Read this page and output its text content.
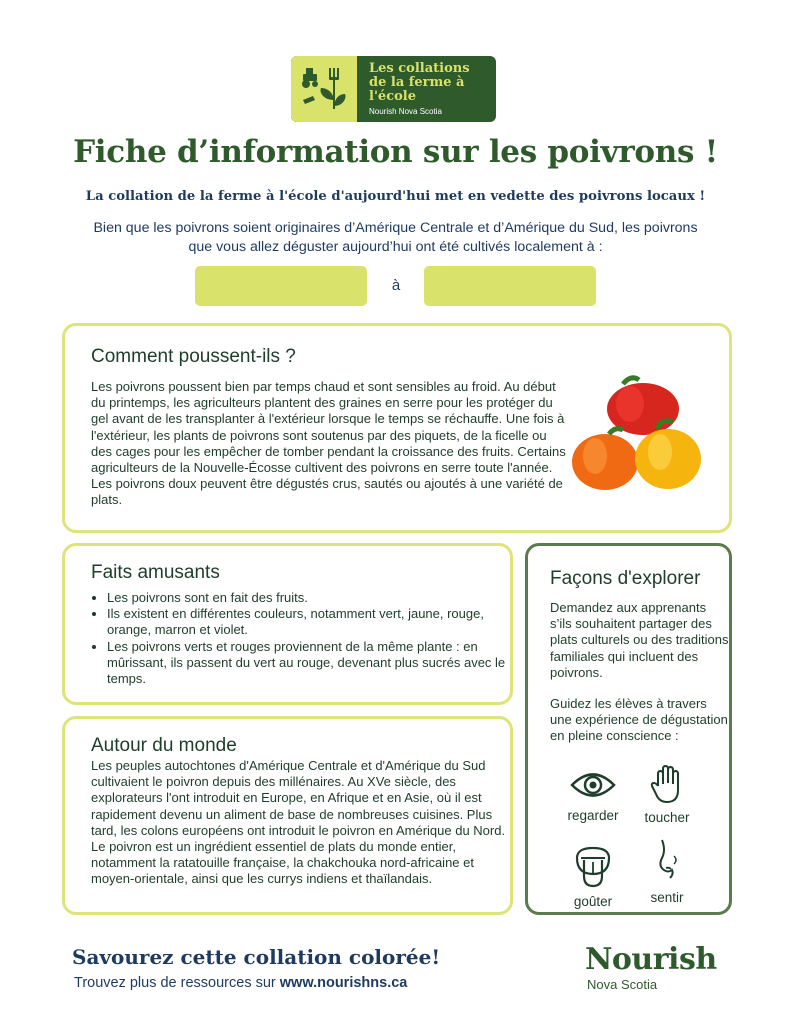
Les collations de la ferme à l'école
Nourish Nova Scotia
Fiche d’information sur les poivrons !
La collation de la ferme à l'école d'aujourd'hui met en vedette des poivrons locaux !
Bien que les poivrons soient originaires d’Amérique Centrale et d’Amérique du Sud, les poivrons que vous allez déguster aujourd’hui ont été cultivés localement à :
à
Comment poussent-ils ?

Les poivrons poussent bien par temps chaud et sont sensibles au froid. Au début du printemps, les agriculteurs plantent des graines en serre pour les protéger du gel avant de les transplanter à l'extérieur lorsque le temps se réchauffe. Une fois à l'extérieur, les plants de poivrons sont soutenus par des piquets, de la ficelle ou des cages pour les empêcher de tomber pendant la croissance des fruits. Certains agriculteurs de la Nouvelle-Écosse cultivent des poivrons en serre toute l'année. Les poivrons doux peuvent être dégustés crus, sautés ou ajoutés à une variété de plats.

Faits amusants
• Les poivrons sont en fait des fruits.
• Ils existent en différentes couleurs, notamment vert, jaune, rouge, orange, marron et violet.
• Les poivrons verts et rouges proviennent de la même plante : en mûrissant, ils passent du vert au rouge, devenant plus sucrés avec le temps.
Autour du monde

Les peuples autochtones d'Amérique Centrale et d'Amérique du Sud cultivaient le poivron depuis des millénaires. Au XVe siècle, des explorateurs l'ont introduit en Europe, en Afrique et en Asie, où il est rapidement devenu un aliment de base de nombreuses cuisines. Plus tard, les colons européens ont introduit le poivron en Amérique du Nord. Le poivron est un ingrédient essentiel de plats du monde entier, notamment la ratatouille française, la chakchouka nord-africaine et moyen-orientale, ainsi que les currys indiens et thaïlandais.

Façons d'explorer

Demandez aux apprenants s’ils souhaitent partager des plats culturels ou des traditions familiales qui incluent des poivrons.

Guidez les élèves à travers une expérience de dégustation en pleine conscience :

regarder	toucher
goûter	sentir
Savourez cette collation colorée!
Trouvez plus de ressources sur www.nourishns.ca
Nourish
Nova Scotia
